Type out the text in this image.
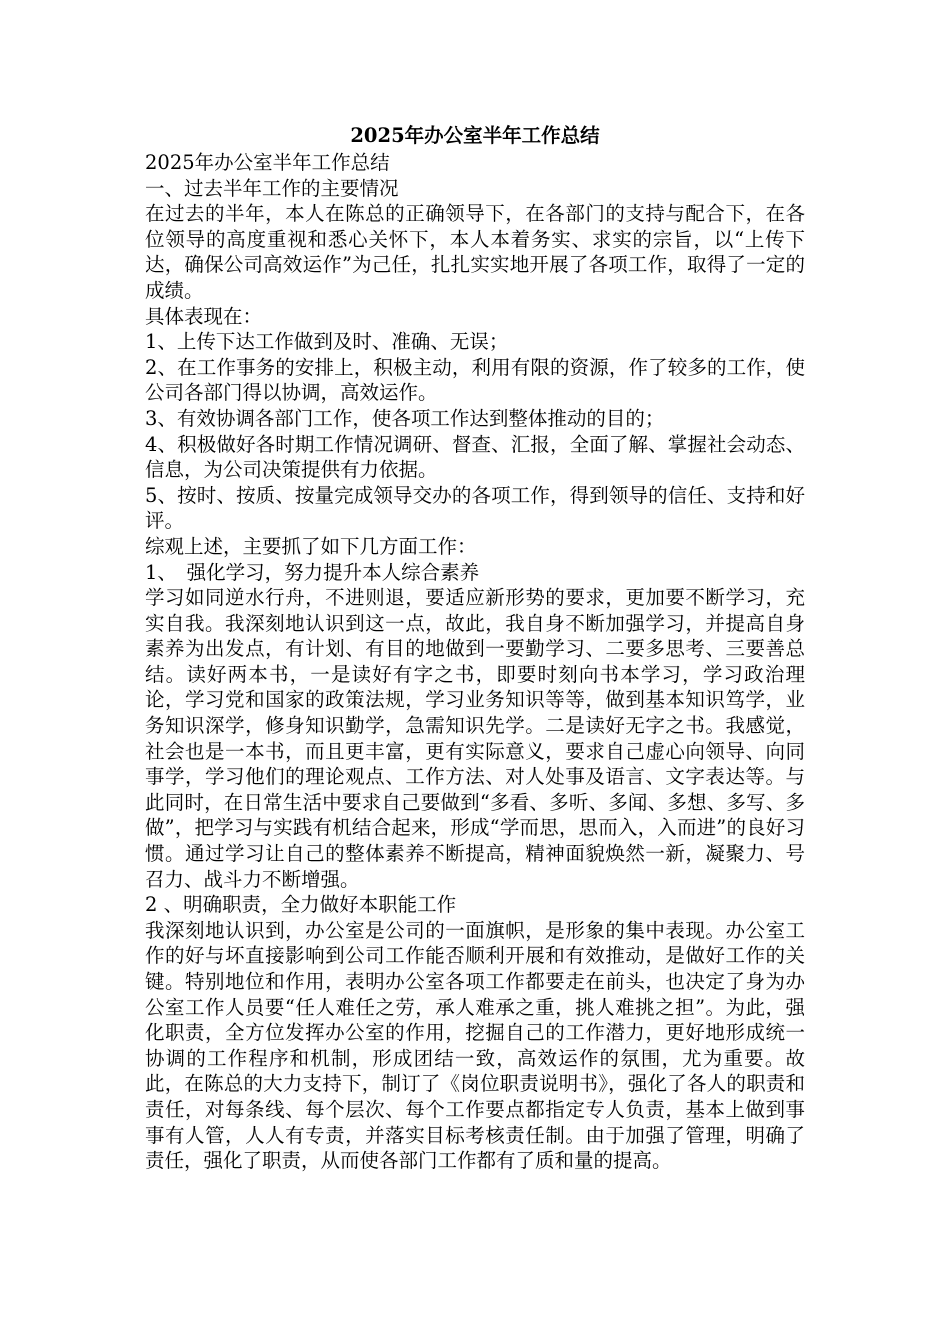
2025年办公室半年工作总结

2025年办公室半年工作总结

一、过去半年工作的主要情况

在过去的半年，本人在陈总的正确领导下，在各部门的支持与配合下，在各位领导的高度重视和悉心关怀下，本人本着务实、求实的宗旨，以“上传下达，确保公司高效运作”为己任，扎扎实实地开展了各项工作，取得了一定的成绩。

具体表现在：

1、上传下达工作做到及时、准确、无误；

2、在工作事务的安排上，积极主动，利用有限的资源，作了较多的工作，使公司各部门得以协调，高效运作。

3、有效协调各部门工作，使各项工作达到整体推动的目的；

4、积极做好各时期工作情况调研、督查、汇报，全面了解、掌握社会动态、信息，为公司决策提供有力依据。

5、按时、按质、按量完成领导交办的各项工作，得到领导的信任、支持和好评。

综观上述，主要抓了如下几方面工作：

1、　强化学习，努力提升本人综合素养

学习如同逆水行舟，不进则退，要适应新形势的要求，更加要不断学习，充实自我。我深刻地认识到这一点，故此，我自身不断加强学习，并提高自身素养为出发点，有计划、有目的地做到一要勤学习、二要多思考、三要善总结。读好两本书，一是读好有字之书，即要时刻向书本学习，学习政治理论，学习党和国家的政策法规，学习业务知识等等，做到基本知识笃学，业务知识深学，修身知识勤学，急需知识先学。二是读好无字之书。我感觉，社会也是一本书，而且更丰富，更有实际意义，要求自己虚心向领导、向同事学，学习他们的理论观点、工作方法、对人处事及语言、文字表达等。与此同时，在日常生活中要求自己要做到“多看、多听、多闻、多想、多写、多做”，把学习与实践有机结合起来，形成“学而思，思而入，入而进”的良好习惯。通过学习让自己的整体素养不断提高，精神面貌焕然一新，凝聚力、号召力、战斗力不断增强。

2 、明确职责，全力做好本职能工作

我深刻地认识到，办公室是公司的一面旗帜，是形象的集中表现。办公室工作的好与坏直接影响到公司工作能否顺利开展和有效推动，是做好工作的关键。特别地位和作用，表明办公室各项工作都要走在前头，也决定了身为办公室工作人员要“任人难任之劳，承人难承之重，挑人难挑之担”。为此，强化职责，全方位发挥办公室的作用，挖掘自己的工作潜力，更好地形成统一协调的工作程序和机制，形成团结一致，高效运作的氛围，尤为重要。故此，在陈总的大力支持下，制订了《岗位职责说明书》，强化了各人的职责和责任，对每条线、每个层次、每个工作要点都指定专人负责，基本上做到事事有人管，人人有专责，并落实目标考核责任制。由于加强了管理，明确了责任，强化了职责，从而使各部门工作都有了质和量的提高。
